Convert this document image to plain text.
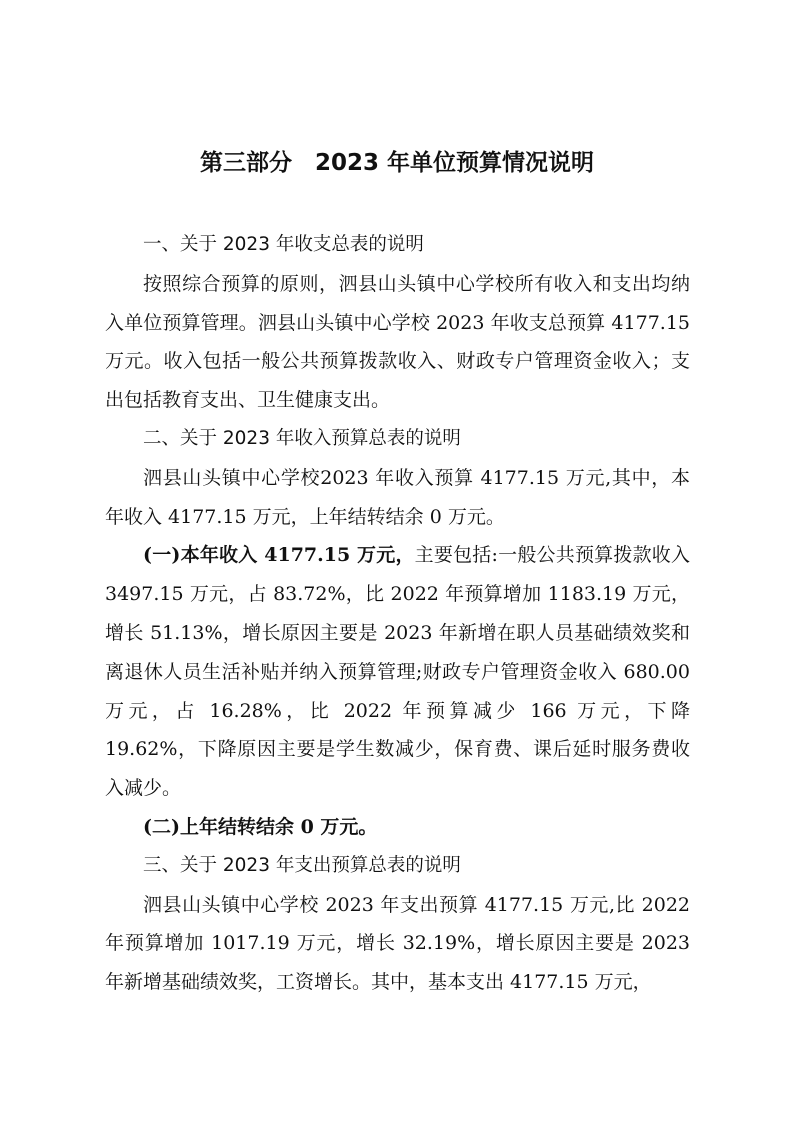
第三部分　2023 年单位预算情况说明

一、关于 2023 年收支总表的说明

按照综合预算的原则，泗县山头镇中心学校所有收入和支出均纳入单位预算管理。泗县山头镇中心学校 2023 年收支总预算 4177.15 万元。收入包括一般公共预算拨款收入、财政专户管理资金收入；支出包括教育支出、卫生健康支出。

二、关于 2023 年收入预算总表的说明

泗县山头镇中心学校2023 年收入预算 4177.15 万元,其中，本年收入 4177.15 万元，上年结转结余 0 万元。

(一)本年收入 4177.15 万元，主要包括:一般公共预算拨款收入 3497.15 万元，占 83.72%，比 2022 年预算增加 1183.19 万元，增长 51.13%，增长原因主要是 2023 年新增在职人员基础绩效奖和离退休人员生活补贴并纳入预算管理;财政专户管理资金收入 680.00 万元，占 16.28%，比 2022 年预算减少 166 万元，下降 19.62%，下降原因主要是学生数减少，保育费、课后延时服务费收入减少。

(二)上年结转结余 0 万元。

三、关于 2023 年支出预算总表的说明

泗县山头镇中心学校 2023 年支出预算 4177.15 万元,比 2022 年预算增加 1017.19 万元，增长 32.19%，增长原因主要是 2023 年新增基础绩效奖，工资增长。其中，基本支出 4177.15 万元，
